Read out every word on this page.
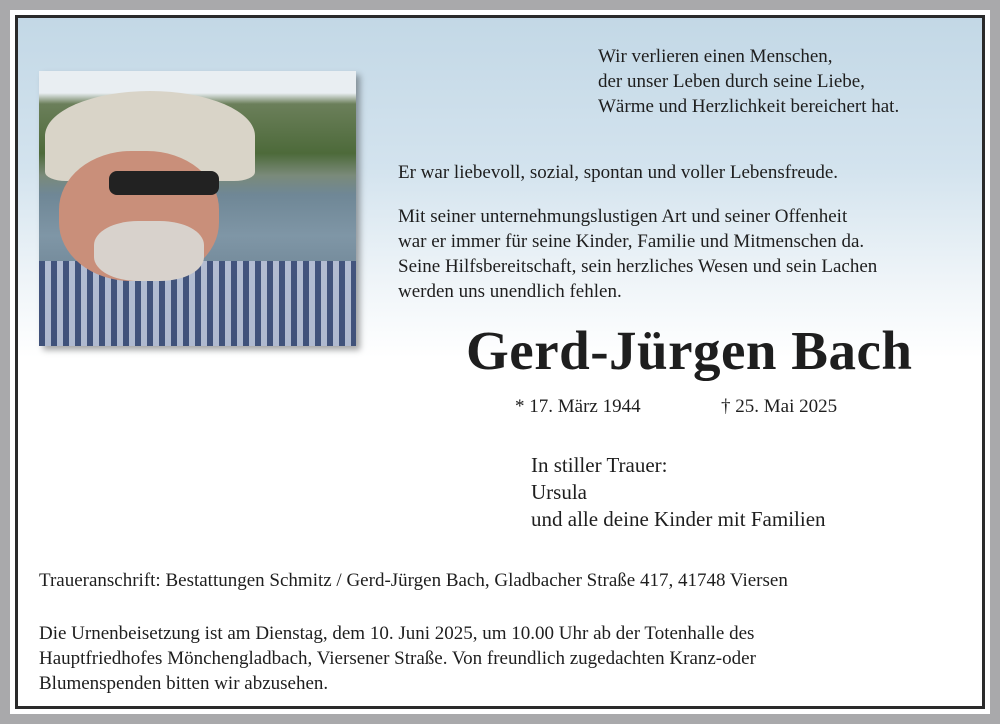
Wir verlieren einen Menschen,
der unser Leben durch seine Liebe,
Wärme und Herzlichkeit bereichert hat.

Er war liebevoll, sozial, spontan und voller Lebensfreude.

Mit seiner unternehmungslustigen Art und seiner Offenheit
war er immer für seine Kinder, Familie und Mitmenschen da.
Seine Hilfsbereitschaft, sein herzliches Wesen und sein Lachen
werden uns unendlich fehlen.

Gerd-Jürgen Bach

* 17. März 1944	† 25. Mai 2025

In stiller Trauer:
Ursula
und alle deine Kinder mit Familien

Traueranschrift: Bestattungen Schmitz / Gerd-Jürgen Bach, Gladbacher Straße 417, 41748 Viersen

Die Urnenbeisetzung ist am Dienstag, dem 10. Juni 2025, um 10.00 Uhr ab der Totenhalle des
Hauptfriedhofes Mönchengladbach, Viersener Straße. Von freundlich zugedachten Kranz-oder
Blumenspenden bitten wir abzusehen.
